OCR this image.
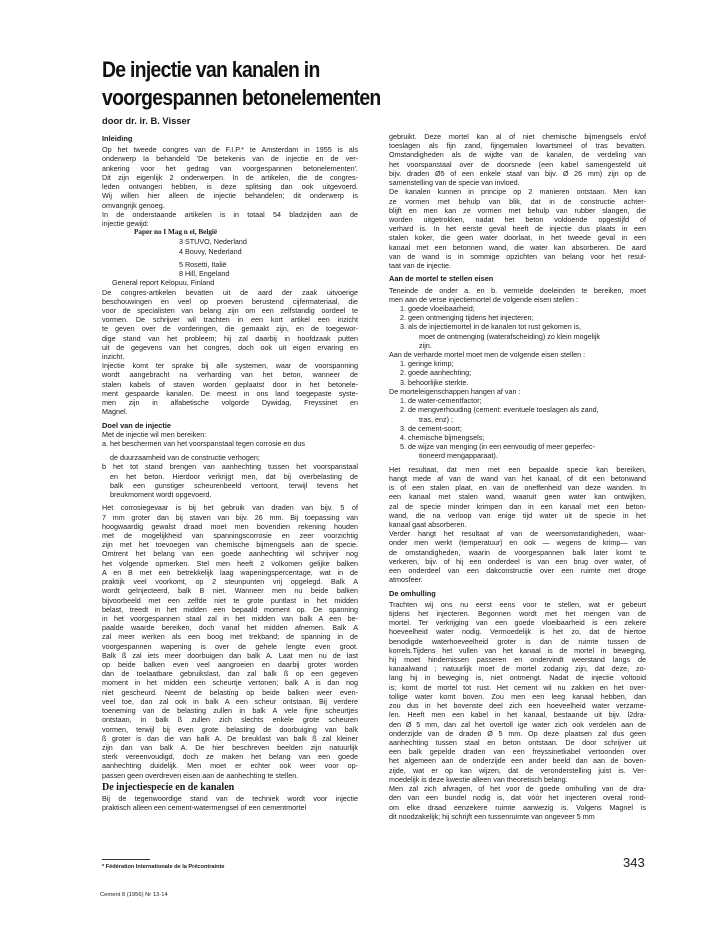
De injectie van kanalen in
voorgespannen betonelementen

door dr. ir. B. Visser

Inleiding
Op het tweede congres van de F.I.P.* te Amsterdam in 1955 is als
onderwerp Ia behandeld 'De betekenis van de injectie en de ver-
ankering voor het gedrag van voorgespannen betonelementen'.
Dit zijn eigenlijk 2 onderwerpen. In de artikelen, die de congres-
leden ontvangen hebben, is deze splitsing dan ook uitgevoerd.
Wij willen hier alleen de injectie behandelen; dit onderwerp is
omvangrijk genoeg.
In de onderstaande artikelen is in totaal 54 bladzijden aan de
injectie gewijd:
Paper no I Mag n el, België
3 STUVO, Nederland
4 Bouvy, Nederland
5 Rosetti, Italië
8 Hill, Engeland
General report Kelopuu, Finland
De congres-artikelen bevatten uit de aard der zaak uitvoerige
beschouwingen en veel op proeven berustend cijfermateriaal, die
voor de specialisten van belang zijn om een zelfstandig oordeel te
vormen. De schrijver wil trachten in een kort artikel een inzicht
te geven over de vorderingen, die gemaakt zijn, en de toegewor-
dige stand van het probleem; hij zal daarbij in hoofdzaak putten
uit de gegevens van het congres, doch ook uit eigen ervaring en
inzicht.
Injectie komt ter sprake bij alle systemen, waar de voorspanning
wordt aangebracht na verharding van het beton, wanneer de
stalen kabels of staven worden geplaatst door in het betonele-
ment gespaarde kanalen. De meest in ons land toegepaste syste-
men zijn in alfabetische volgorde Dywidag, Freyssinet en
Magnel.
Doel van de injectie
Met de injectie wil men bereiken:
a. het beschermen van het voorspanstaal tegen corrosie en dus
de duurzaamheid van de constructie verhogen;
b het tot stand brengen van aanhechting tussen het voorspanstaal
en het beton. Hierdoor verkrijgt men, dat bij overbelasting de
balk een gunstiger scheurenbeeld vertoont, terwijl tevens het
breukmoment wordt opgevoerd.
Het corrosiegevaar is bij het gebruik van draden van bijv. 5 of
7 mm groter dan bij staven van bijv. 26 mm. Bij toepassing van
hoogwaardig gewalst draad moet men bovendien rekening houden
met de mogelijkheid van spanningscorrosie en zeer voorzichtig
zijn met het toevoegen van chemische bijmengsels aan de specie.
Omtrent het belang van een goede aanhechting wil schrijver nog
het volgende opmerken. Stel men heeft 2 volkomen gelijke balken
A en B met een betrekkelijk laag wapeningspercentage, wat in de
praktijk veel voorkomt, op 2 steunpunten vrij opgelegd. Balk A
wordt geïnjecteerd, balk B niet. Wanneer men nu beide balken
bijvoorbeeld met een zelfde niet te grote puntlast in het midden
belast, treedt in het midden een bepaald moment op. De spanning
in het voorgespannen staal zal in het midden van balk A een be-
paalde waarde bereiken, doch vanaf het midden afnemen. Balk A
zal meer werken als een boog met trekband; de spanning in de
voorgespannen wapening is over de gehele lengte even groot.
Balk ß zal iets meer doorbuigen dan balk A. Laat men nu de last
op beide balken even veel aangroeien en daarbij groter worden
dan de toelaatbare gebruikslast, dan zal balk ß op een gegeven
moment in het midden een scheurtje vertonen; balk A is dan nog
niet gescheurd. Neemt de belasting op beide balken weer even-
veel toe, dan zal ook in balk A een scheur ontstaan. Bij verdere
toeneming van de belasting zullen in balk A vele fijne scheurtjes
ontstaan, in balk ß zullen zich slechts enkele grote scheuren
vormen, terwijl bij even grote belasting de doorbuiging van balk
ß groter is dan die van balk A. De breuklast van balk ß zal kleiner
zijn dan van balk A. De hier beschreven beelden zijn natuurlijk
sterk vereenvoudigd, doch ze maken het belang van een goede
aanhechting duidelijk. Men moet er echter ook weer voor op-
passen geen overdreven eisen aan de aanhechting te stellen.
De injectiespecie en de kanalen
Bij de tegenwoordige stand van de techniek wordt voor injectie
praktisch alleen een cement-watermengsel of een cementmortel
gebruikt. Deze mortel kan al of niet chemische bijmengsels en/of
toeslagen als fijn zand, fijngemalen kwartsmeel of tras bevatten.
Omstandigheden als de wijdte van de kanalen, de verdeling van
het voorspanstaal over de doorsnede (een kabel samengesteld uit
bijv. draden Ø5 of een enkele staaf van bijv. Ø 26 mm) zijn op de
samenstelling van de specie van invloed.
De kanalen kunnen in principe op 2 manieren ontstaan. Men kan
ze vormen met behulp van blik, dat in de constructie achter-
blijft en men kan ze vormen met behulp van rubber slangen, die
worden uitgetrokken, nadat het beton voldoende opgestijfd of
verhard is. In het eerste geval heeft de injectie dus plaats in een
stalen koker, die geen water doorlaat, in het tweede geval in een
kanaal met een betonnen wand, die water kan absorberen. De aard
van de wand is in sommige opzichten van belang voor het resul-
taat van de injectie.
Aan de mortel te stellen eisen
Teneinde de onder a. en b. vermelde doeleinden te bereiken, moet
men aan de verse injectiemortel de volgende eisen stellen :
1. goede vloeibaarheid;
2. geen ontmenging tijdens het injecteren;
3. als de injectiemortel in de kanalen tot rust gekomen is,
moet de ontmenging (waterafscheiding) zo klein mogelijk
zijn.
Aan de verharde mortel moet men de volgende eisen stellen :
1. geringe krimp;
2. goede aanhechting;
3. behoorlijke sterkte.
De morteleigenschappen hangen af van :
1. de water-cementfactor;
2. de mengverhouding (cement: eventuele toeslagen als zand,
tras, enz) ;
3. de cement-soort;
4. chemische bijmengsels;
5. de wijze van menging (in een eenvoudig of meer geperfec-
tioneerd mengapparaat).
Het resultaat, dat men met een bepaalde specie kan bereiken,
hangt mede af van de wand van het kanaal, of dit een betonwand
is of een stalen plaat, en van de oneffenheid van deze wanden. In
een kanaal met stalen wand, waaruit geen water kan ontwijken,
zal de specie minder krimpen dan in een kanaal met een beton-
wand, die na verloop van enige tijd water uit de specie in het
kanaal gaat absorberen.
Verder hangt het resultaat af van de weersomstandigheden, waar-
onder men werkt (temperatuur) en ook — wegens de krimp— van
de omstandigheden, waarin de voorgespannen balk later komt te
verkeren, bijv. of hij een onderdeel is van een brug over water, of
een onderdeel van een dakconstructie over een ruimte met droge
atmosfeer.
De omhulling
Trachten wij ons nu eerst eens voor te stellen, wat er gebeurt
tijdens het injecteren. Begonnen wordt met het mengen van de
mortel. Ter verkrijging van een goede vloeibaarheid is een zekere
hoeveelheid water nodig. Vermoedelijk is het zo, dat de hiertoe
benodigde waterhoeveelheid groter is dan de ruimte tussen de
korrels.Tijdens het vullen van het kanaal is de mortel in beweging,
hij moet hindernissen passeren en ondervindt weerstand langs de
kanaalwand ; natuurlijk moet de mortel zodanig zijn, dat deze, zo-
lang hij in beweging is, niet ontmengt. Nadat de injectie voltooid
is; komt de mortel tot rust. Het cement wil nu zakken en het over-
tollige water komt boven. Zou men een leeg kanaal hebben, dan
zou dus in het bovenste deel zich een hoeveelheid water verzame-
len. Heeft men een kabel in het kanaal, bestaande uit bijv. l2dra-
den Ø 5 mm, dan zal het overtoll ige water zich ook verdelen aan de
onderzijde van de draden Ø 5 mm. Op deze plaatsen zal dus geen
aanhechting tussen staal en beton ontstaan. De door schrijver uit
een balk gepelde draden van een freyssinetkabel vertoonden over
het algemeen aan de onderzijde een ander beeld dan aan de boven-
zijde, wat er op kan wijzen, dat de veronderstelling juist is. Ver-
moedelijk is deze kwestie alleen van theoretisch belang.
Men zal zich afvragen, of het voor de goede omhulling van de dra-
den van een bundel nodig is, dat vóór het injecteren overal rond-
om elke draad eenzekere ruimte aanwezig is. Volgens Magnel is
dit noodzakelijk; hij schrijft een tussenruimte van ongeveer 5 mm
* Fédération Internationale de la Précontrainte	343
Cement 8 (1956) Nr 13-14
